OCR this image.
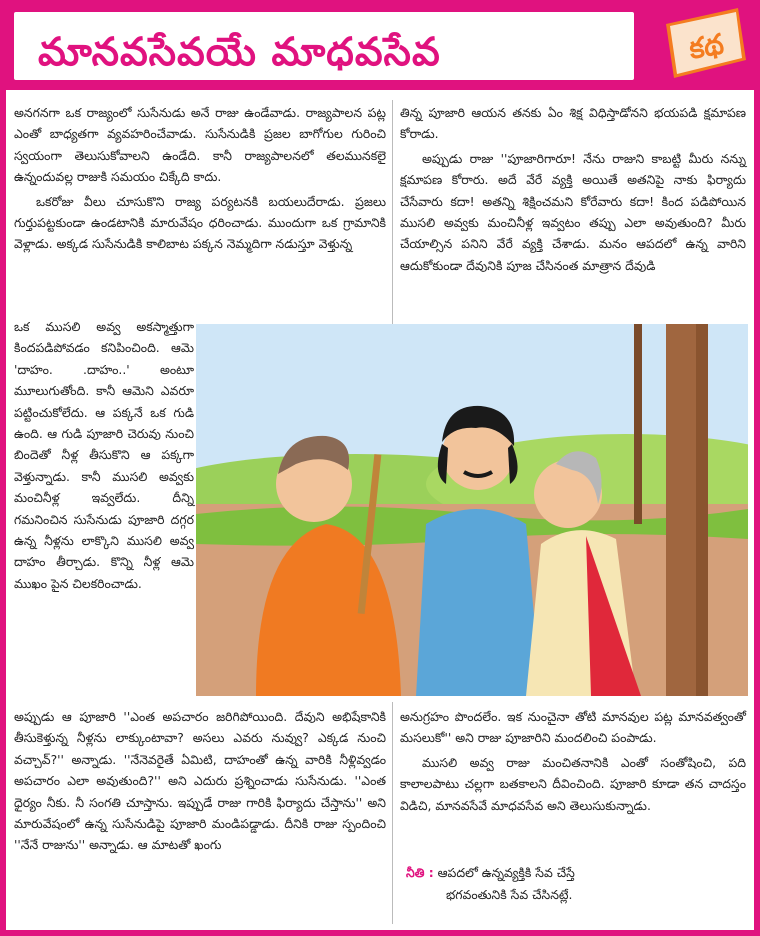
మానవసేవయే మాధవసేవ	కథ

అనగనగా ఒక రాజ్యంలో సుసేనుడు అనే రాజు ఉండేవాడు. రాజ్యపాలన పట్ల ఎంతో బాధ్యతగా వ్యవహరించేవాడు. సుసేనుడికి ప్రజల బాగోగుల గురించి స్వయంగా తెలుసుకోవాలని ఉండేది. కానీ రాజ్యపాలనలో తలమునకలై ఉన్నందువల్ల రాజుకి సమయం చిక్కేది కాదు.

ఒకరోజు వీలు చూసుకొని రాజ్య పర్యటనకి బయలుదేరాడు. ప్రజలు గుర్తుపట్టకుండా ఉండటానికి మారువేషం ధరించాడు. ముందుగా ఒక గ్రామానికి వెళ్లాడు. అక్కడ సుసేనుడికి కాలిబాట పక్కన నెమ్మదిగా నడుస్తూ వెళ్తున్న

తిన్న పూజారి ఆయన తనకు ఏం శిక్ష విధిస్తాడోనని భయపడి క్షమాపణ కోరాడు.

అప్పుడు రాజు ''పూజారిగారూ! నేను రాజుని కాబట్టి మీరు నన్ను క్షమాపణ కోరారు. అదే వేరే వ్యక్తి అయితే అతనిపై నాకు ఫిర్యాదు చేసేవారు కదా! అతన్ని శిక్షించమని కోరేవారు కదా! కింద పడిపోయిన ముసలి అవ్వకు మంచినీళ్ల ఇవ్వటం తప్పు ఎలా అవుతుంది? మీరు చేయాల్సిన పనిని వేరే వ్యక్తి చేశాడు. మనం ఆపదలో ఉన్న వారిని ఆదుకోకుండా దేవునికి పూజ చేసినంత మాత్రాన దేవుడి

ఒక ముసలి అవ్వ అకస్మాత్తుగా కిందపడిపోవడం కనిపించింది. ఆమె 'దాహం. .దాహం..' అంటూ మూలుగుతోంది. కానీ ఆమెని ఎవరూ పట్టించుకోలేదు. ఆ పక్కనే ఒక గుడి ఉంది. ఆ గుడి పూజారి చెరువు నుంచి బిందెతో నీళ్ల తీసుకొని ఆ పక్కగా వెళ్తున్నాడు. కానీ ముసలి అవ్వకు మంచినీళ్ల ఇవ్వలేదు. దీన్ని గమనించిన సుసేనుడు పూజారి దగ్గర ఉన్న నీళ్లను లాక్కొని ముసలి అవ్వ దాహం తీర్చాడు. కొన్ని నీళ్ల ఆమె ముఖం పైన చిలకరించాడు.

అప్పుడు ఆ పూజారి ''ఎంత అపచారం జరిగిపోయింది. దేవుని అభిషేకానికి తీసుకెళ్తున్న నీళ్లను లాక్కుంటావా? అసలు ఎవరు నువ్వు? ఎక్కడ నుంచి వచ్చావ్?'' అన్నాడు. ''నేనెవరైతే ఏమిటి, దాహంతో ఉన్న వారికి నీళ్లివ్వడం అపచారం ఎలా అవుతుంది?'' అని ఎదురు ప్రశ్నించాడు సుసేనుడు. ''ఎంత ధైర్యం నీకు. నీ సంగతి చూస్తాను. ఇప్పుడే రాజు గారికి ఫిర్యాదు చేస్తాను'' అని మారువేషంలో ఉన్న సుసేనుడిపై పూజారి మండిపడ్డాడు. దీనికి రాజు స్పందించి ''నేనే రాజును'' అన్నాడు. ఆ మాటతో ఖంగు

అనుగ్రహం పొందలేం. ఇక నుంచైనా తోటి మానవుల పట్ల మానవత్వంతో మసలుకో'' అని రాజు పూజారిని మందలించి పంపాడు.

ముసలి అవ్వ రాజు మంచితనానికి ఎంతో సంతోషించి, పది కాలాలపాటు చల్లగా బతకాలని దీవించింది. పూజారి కూడా తన చాదస్తం విడిచి, మానవసేవే మాధవసేవ అని తెలుసుకున్నాడు.

నీతి : ఆపదలో ఉన్నవ్యక్తికి సేవ చేస్తే
భగవంతునికి సేవ చేసినట్లే.
